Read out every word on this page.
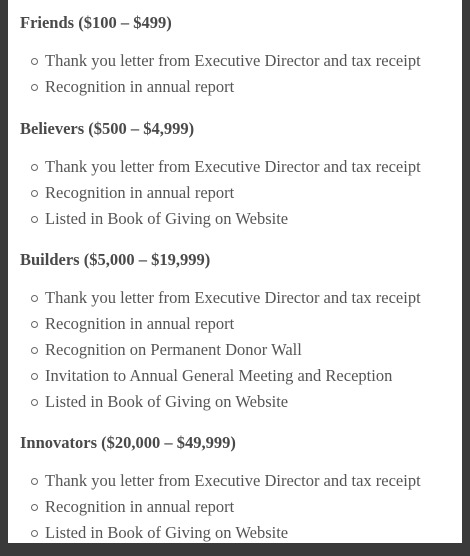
Friends ($100 – $499)
Thank you letter from Executive Director and tax receipt
Recognition in annual report
Believers ($500 – $4,999)
Thank you letter from Executive Director and tax receipt
Recognition in annual report
Listed in Book of Giving on Website
Builders ($5,000 – $19,999)
Thank you letter from Executive Director and tax receipt
Recognition in annual report
Recognition on Permanent Donor Wall
Invitation to Annual General Meeting and Reception
Listed in Book of Giving on Website
Innovators ($20,000 – $49,999)
Thank you letter from Executive Director and tax receipt
Recognition in annual report
Listed in Book of Giving on Website
